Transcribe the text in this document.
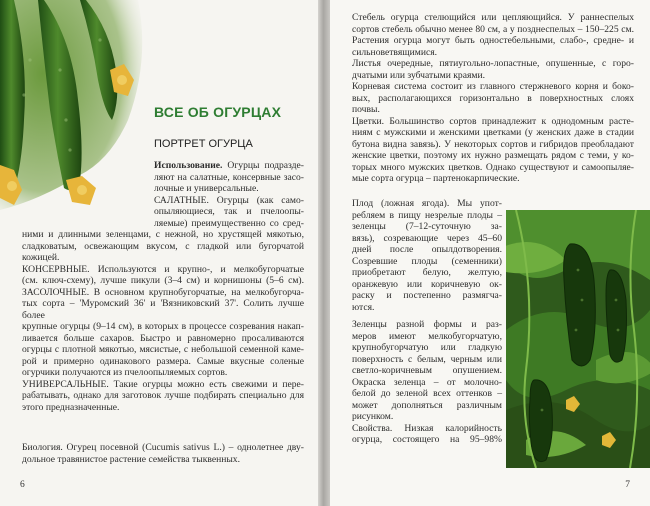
ВСЕ ОБ ОГУРЦАХ
ПОРТРЕТ ОГУРЦА
Использование. Огурцы подразде-
ляют на салатные, консервные засо-
лочные и универсальные.
САЛАТНЫЕ. Огурцы (как само-
опыляющиеся, так и пчелоопы-
ляемые) преимущественно со сред-
ними и длинными зеленцами, с нежной, но хрустящей мякотью,
сладковатым, освежающим вкусом, с гладкой или бугорчатой
кожицей.
КОНСЕРВНЫЕ. Используются и крупно-, и мелкобугорчатые
(см. ключ-схему), лучше пикули (3–4 см) и корнишоны (5–6 см).
ЗАСОЛОЧНЫЕ. В основном крупнобугорчатые, на мелкобугорча-
тых сорта – 'Муромский 36' и 'Вязниковский 37'. Солить лучше более
крупные огурцы (9–14 см), в которых в процессе созревания накап-
ливается больше сахаров. Быстро и равномерно просаливаются
огурцы с плотной мякотью, мясистые, с небольшой семенной каме-
рой и примерно одинакового размера. Самые вкусные соленые
огурчики получаются из пчелоопыляемых сортов.
УНИВЕРСАЛЬНЫЕ. Такие огурцы можно есть свежими и пере-
рабатывать, однако для заготовок лучше подбирать специально для
этого предназначенные.
Биология. Огурец посевной (Cucumis sativus L.) – однолетнее дву-
дольное травянистое растение семейства тыквенных.
6
Стебель огурца стелющийся или цепляющийся. У раннеспелых
сортов стебель обычно менее 80 см, а у позднеспелых – 150–225 см.
Растения огурца могут быть одностебельными, слабо-, средне- и
сильноветвящимися.
Листья очередные, пятиугольно-лопастные, опушенные, с горо-
дчатыми или зубчатыми краями.
Корневая система состоит из главного стержневого корня и боко-
вых, располагающихся горизонтально в поверхностных слоях почвы.
Цветки. Большинство сортов принадлежит к однодомным расте-
ниям с мужскими и женскими цветками (у женских даже в стадии
бутона видна завязь). У некоторых сортов и гибридов преобладают
женские цветки, поэтому их нужно размещать рядом с теми, у ко-
торых много мужских цветков. Однако существуют и самоопыляе-
мые сорта огурца – партенокарпические.
Плод (ложная ягода). Мы упот-
ребляем в пищу незрелые плоды –
зеленцы (7–12-суточную за-
вязь), созревающие через 45–60
дней после опылдотворения.
Созревшие плоды (семенники)
приобретают белую, желтую,
оранжевую или коричневую ок-
раску и постепенно размягча-
ются.
Зеленцы разной формы и раз-
меров имеют мелкобугорчатую,
крупнобугорчатую или гладкую
поверхность с белым, черным или
светло-коричневым опушением.
Окраска зеленца – от молочно-
белой до зеленой всех оттенков –
может дополняться различным
рисунком.
Свойства. Низкая калорийность
огурца, состоящего на 95–98%
7
